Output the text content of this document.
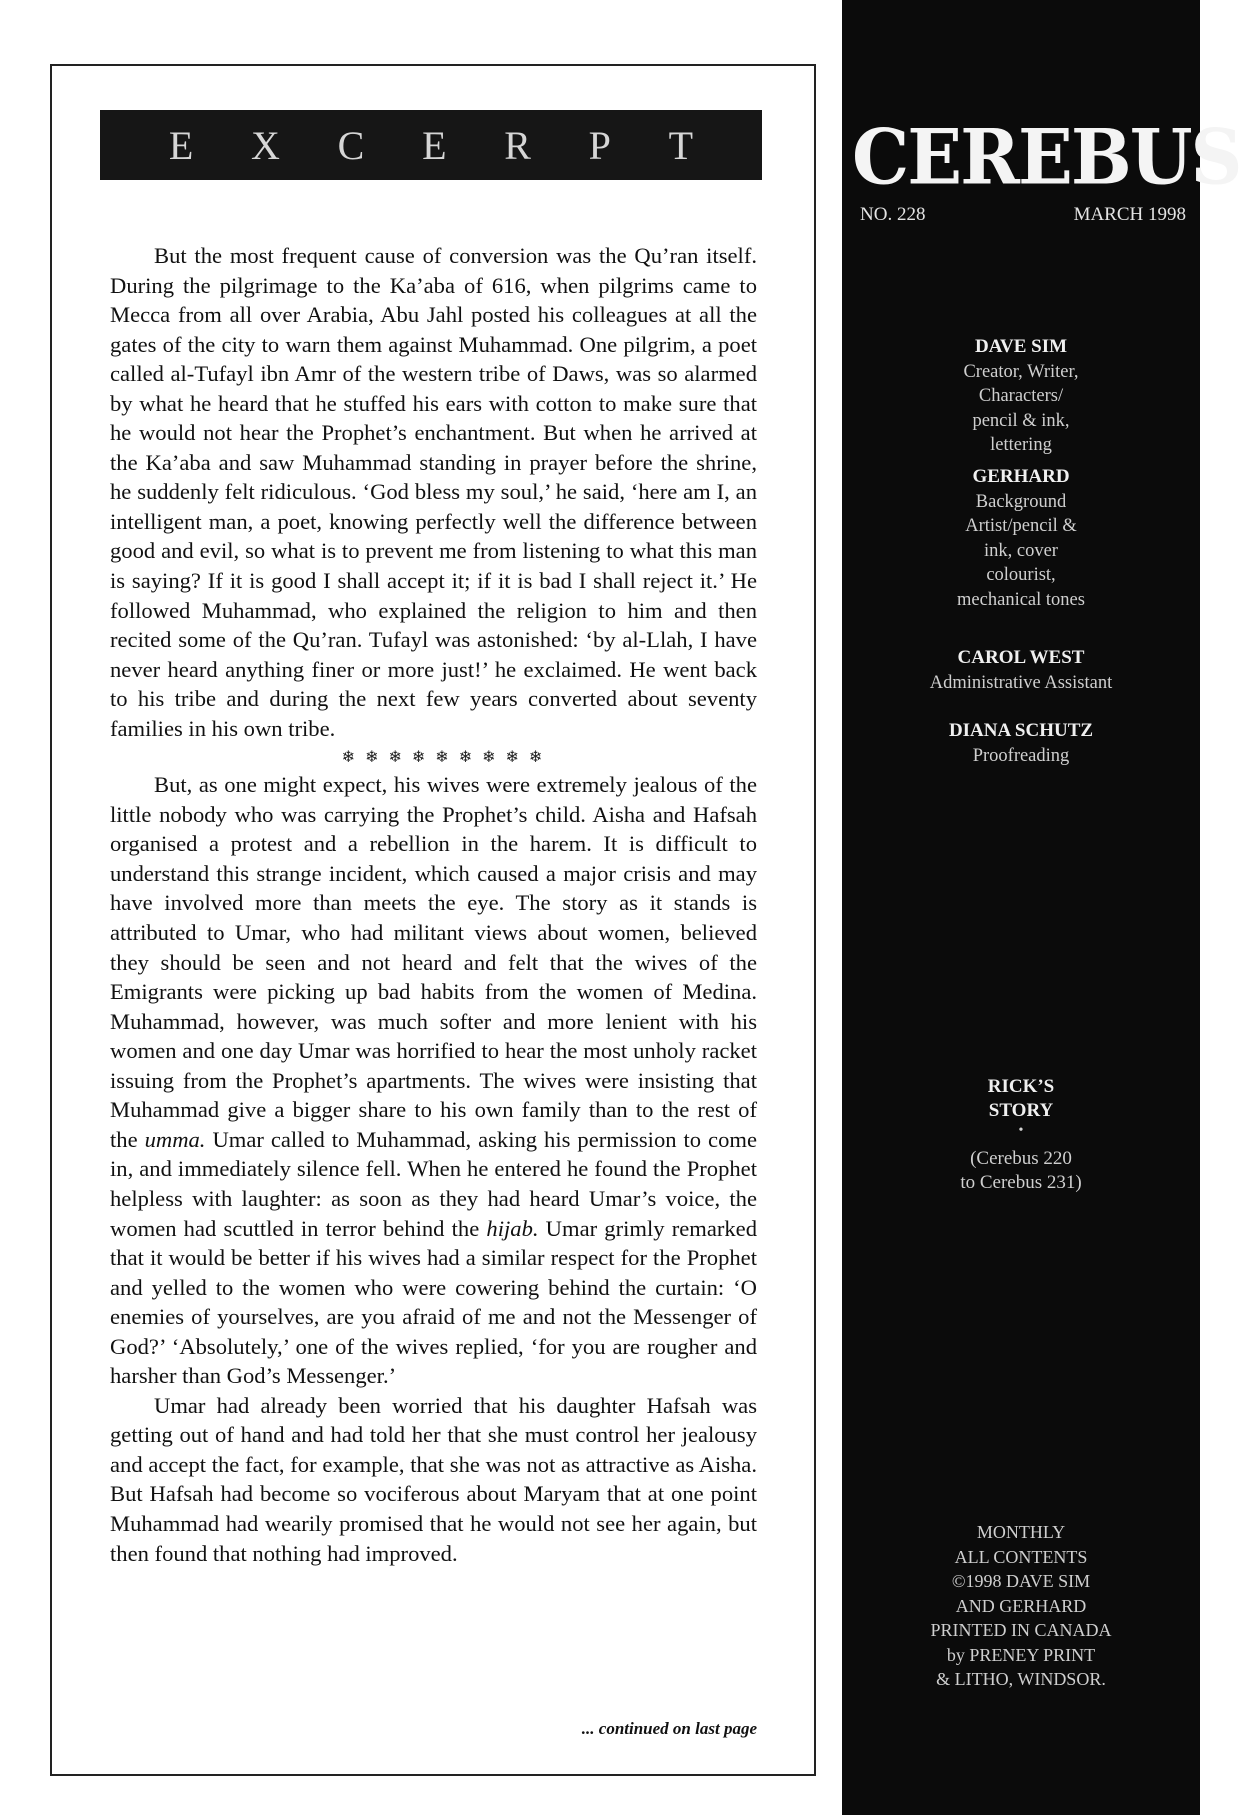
E X C E R P T

But the most frequent cause of conversion was the Qu’ran itself. During the pilgrimage to the Ka’aba of 616, when pilgrims came to Mecca from all over Arabia, Abu Jahl posted his colleagues at all the gates of the city to warn them against Muhammad. One pilgrim, a poet called al-Tufayl ibn Amr of the western tribe of Daws, was so alarmed by what he heard that he stuffed his ears with cotton to make sure that he would not hear the Prophet’s enchantment. But when he arrived at the Ka’aba and saw Muhammad standing in prayer before the shrine, he suddenly felt ridiculous. ‘God bless my soul,’ he said, ‘here am I, an intelligent man, a poet, knowing perfectly well the difference between good and evil, so what is to prevent me from listening to what this man is saying? If it is good I shall accept it; if it is bad I shall reject it.’ He followed Muhammad, who explained the religion to him and then recited some of the Qu’ran. Tufayl was astonished: ‘by al-Llah, I have never heard anything finer or more just!’ he exclaimed. He went back to his tribe and during the next few years converted about seventy families in his own tribe.

❄ ❄ ❄ ❄ ❄ ❄ ❄ ❄ ❄

But, as one might expect, his wives were extremely jealous of the little nobody who was carrying the Prophet’s child. Aisha and Hafsah organised a protest and a rebellion in the harem. It is difficult to understand this strange incident, which caused a major crisis and may have involved more than meets the eye. The story as it stands is attributed to Umar, who had militant views about women, believed they should be seen and not heard and felt that the wives of the Emigrants were picking up bad habits from the women of Medina. Muhammad, however, was much softer and more lenient with his women and one day Umar was horrified to hear the most unholy racket issuing from the Prophet’s apartments. The wives were insisting that Muhammad give a bigger share to his own family than to the rest of the umma. Umar called to Muhammad, asking his permission to come in, and immediately silence fell. When he entered he found the Prophet helpless with laughter: as soon as they had heard Umar’s voice, the women had scuttled in terror behind the hijab. Umar grimly remarked that it would be better if his wives had a similar respect for the Prophet and yelled to the women who were cowering behind the curtain: ‘O enemies of yourselves, are you afraid of me and not the Messenger of God?’ ‘Absolutely,’ one of the wives replied, ‘for you are rougher and harsher than God’s Messenger.’

Umar had already been worried that his daughter Hafsah was getting out of hand and had told her that she must control her jealousy and accept the fact, for example, that she was not as attractive as Aisha. But Hafsah had become so vociferous about Maryam that at one point Muhammad had wearily promised that he would not see her again, but then found that nothing had improved.

... continued on last page
CEREBUS
NO. 228	MARCH 1998
DAVE SIM
Creator, Writer,
Characters/
pencil & ink,
lettering
GERHARD
Background
Artist/pencil &
ink, cover
colourist,
mechanical tones
CAROL WEST
Administrative Assistant
DIANA SCHUTZ
Proofreading
RICK’S
STORY
•
(Cerebus 220
to Cerebus 231)
MONTHLY
ALL CONTENTS
©1998 DAVE SIM
AND GERHARD
PRINTED IN CANADA
by PRENEY PRINT
& LITHO, WINDSOR.
